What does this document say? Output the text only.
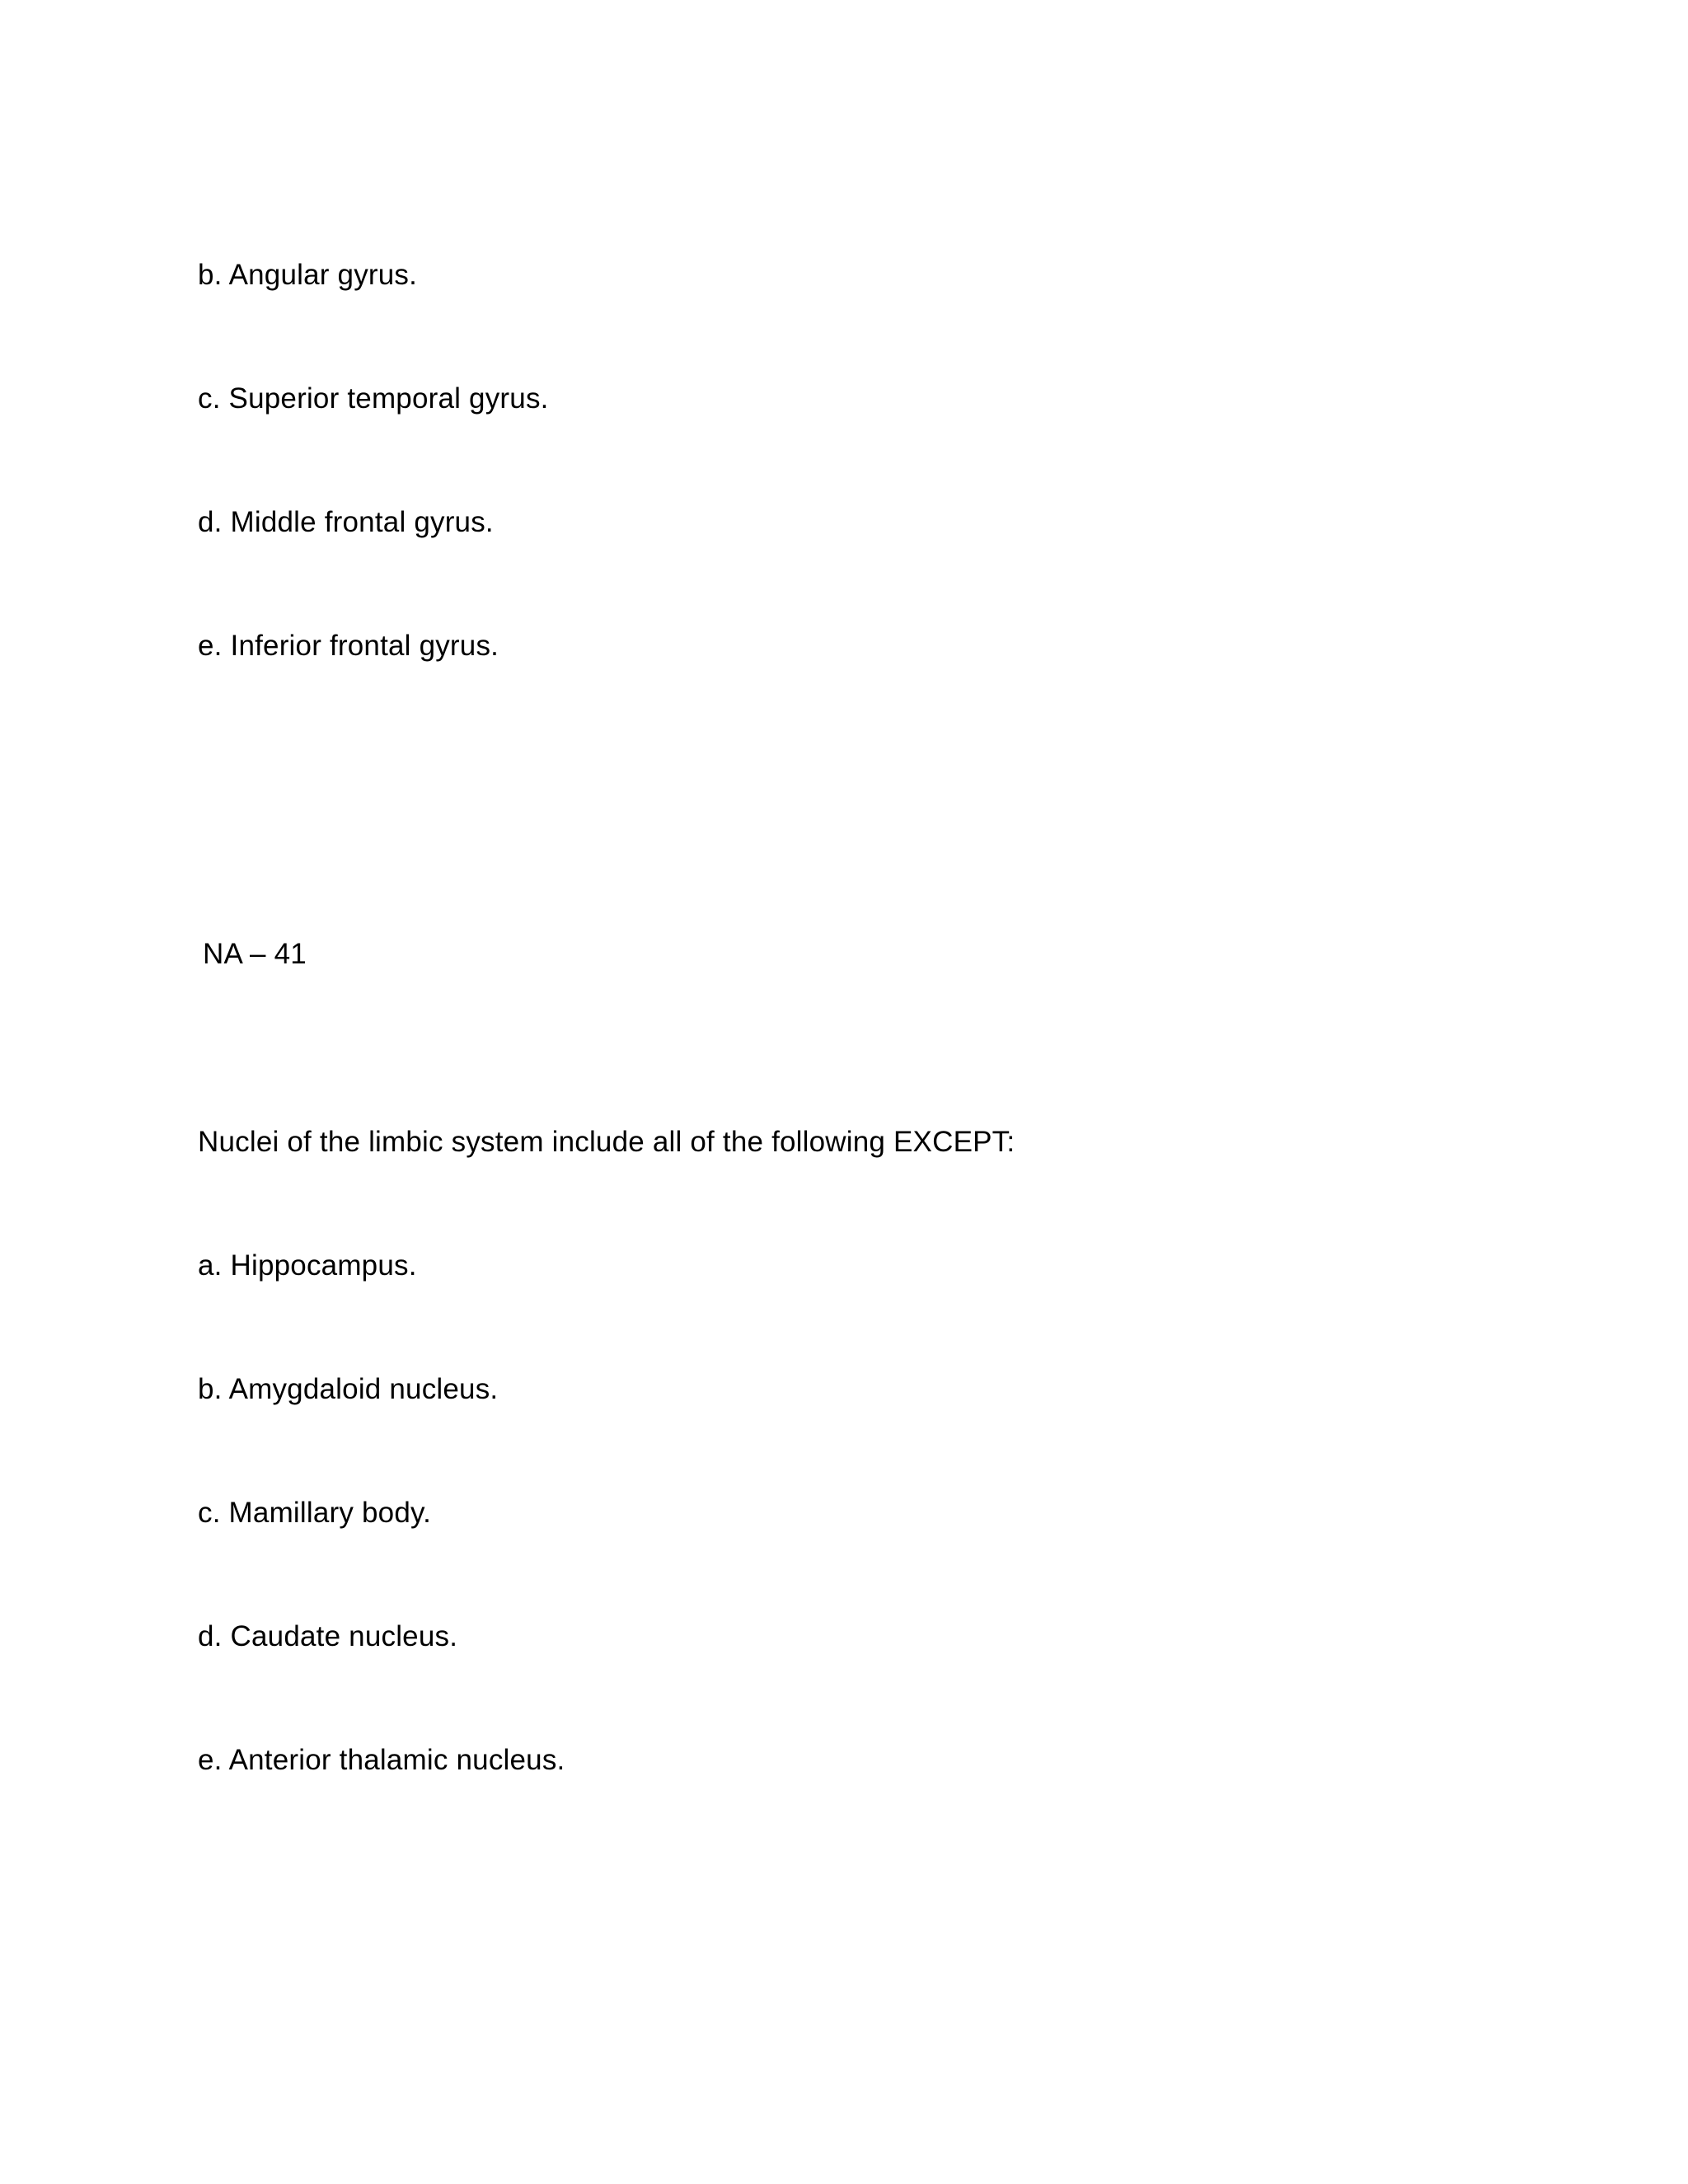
b. Angular gyrus.
c. Superior temporal gyrus.
d. Middle frontal gyrus.
e. Inferior frontal gyrus.
NA – 41
Nuclei of the limbic system include all of the following EXCEPT:
a. Hippocampus.
b. Amygdaloid nucleus.
c. Mamillary body.
d. Caudate nucleus.
e. Anterior thalamic nucleus.
